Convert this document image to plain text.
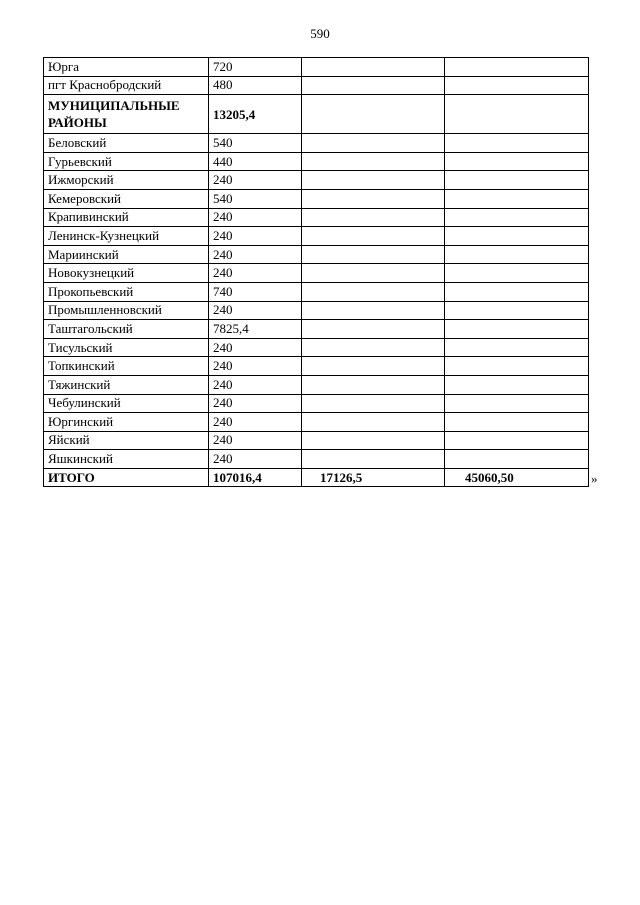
590
Юрга	720		
пгт Краснобродский	480		
МУНИЦИПАЛЬНЫЕ РАЙОНЫ	13205,4		
Беловский	540		
Гурьевский	440		
Ижморский	240		
Кемеровский	540		
Крапивинский	240		
Ленинск-Кузнецкий	240		
Мариинский	240		
Новокузнецкий	240		
Прокопьевский	740		
Промышленновский	240		
Таштагольский	7825,4		
Тисульский	240		
Топкинский	240		
Тяжинский	240		
Чебулинский	240		
Юргинский	240		
Яйский	240		
Яшкинский	240		
ИТОГО	107016,4	17126,5	45060,50	»
